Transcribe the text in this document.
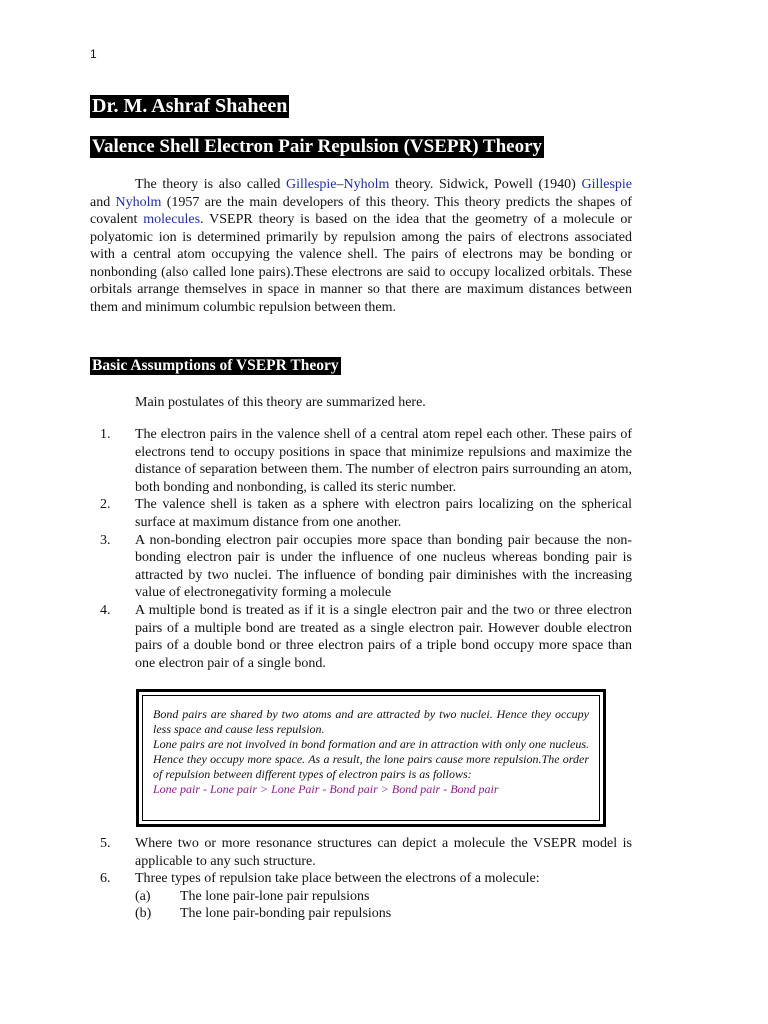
1
Dr. M. Ashraf Shaheen
Valence Shell Electron Pair Repulsion (VSEPR) Theory

The theory is also called Gillespie–Nyholm theory. Sidwick, Powell (1940) Gillespie and Nyholm (1957 are the main developers of this theory. This theory predicts the shapes of covalent molecules. VSEPR theory is based on the idea that the geometry of a molecule or polyatomic ion is determined primarily by repulsion among the pairs of electrons associated with a central atom occupying the valence shell. The pairs of electrons may be bonding or nonbonding (also called lone pairs).These electrons are said to occupy localized orbitals. These orbitals arrange themselves in space in manner so that there are maximum distances between them and minimum columbic repulsion between them.

Basic Assumptions of VSEPR Theory
Main postulates of this theory are summarized here.
1.	The electron pairs in the valence shell of a central atom repel each other. These pairs of electrons tend to occupy positions in space that minimize repulsions and maximize the distance of separation between them. The number of electron pairs surrounding an atom, both bonding and nonbonding, is called its steric number.
2.	The valence shell is taken as a sphere with electron pairs localizing on the spherical surface at maximum distance from one another.
3.	A non-bonding electron pair occupies more space than bonding pair because the non-bonding electron pair is under the influence of one nucleus whereas bonding pair is attracted by two nuclei. The influence of bonding pair diminishes with the increasing value of electronegativity forming a molecule
4.	A multiple bond is treated as if it is a single electron pair and the two or three electron pairs of a multiple bond are treated as a single electron pair. However double electron pairs of a double bond or three electron pairs of a triple bond occupy more space than one electron pair of a single bond.

Bond pairs are shared by two atoms and are attracted by two nuclei. Hence they occupy less space and cause less repulsion.

Lone pairs are not involved in bond formation and are in attraction with only one nucleus. Hence they occupy more space. As a result, the lone pairs cause more repulsion.The order of repulsion between different types of electron pairs is as follows:

Lone pair - Lone pair > Lone Pair - Bond pair > Bond pair - Bond pair

5.	Where two or more resonance structures can depict a molecule the VSEPR model is applicable to any such structure.
6.	Three types of repulsion take place between the electrons of a molecule:
(a)	The lone pair-lone pair repulsions
(b)	The lone pair-bonding pair repulsions
